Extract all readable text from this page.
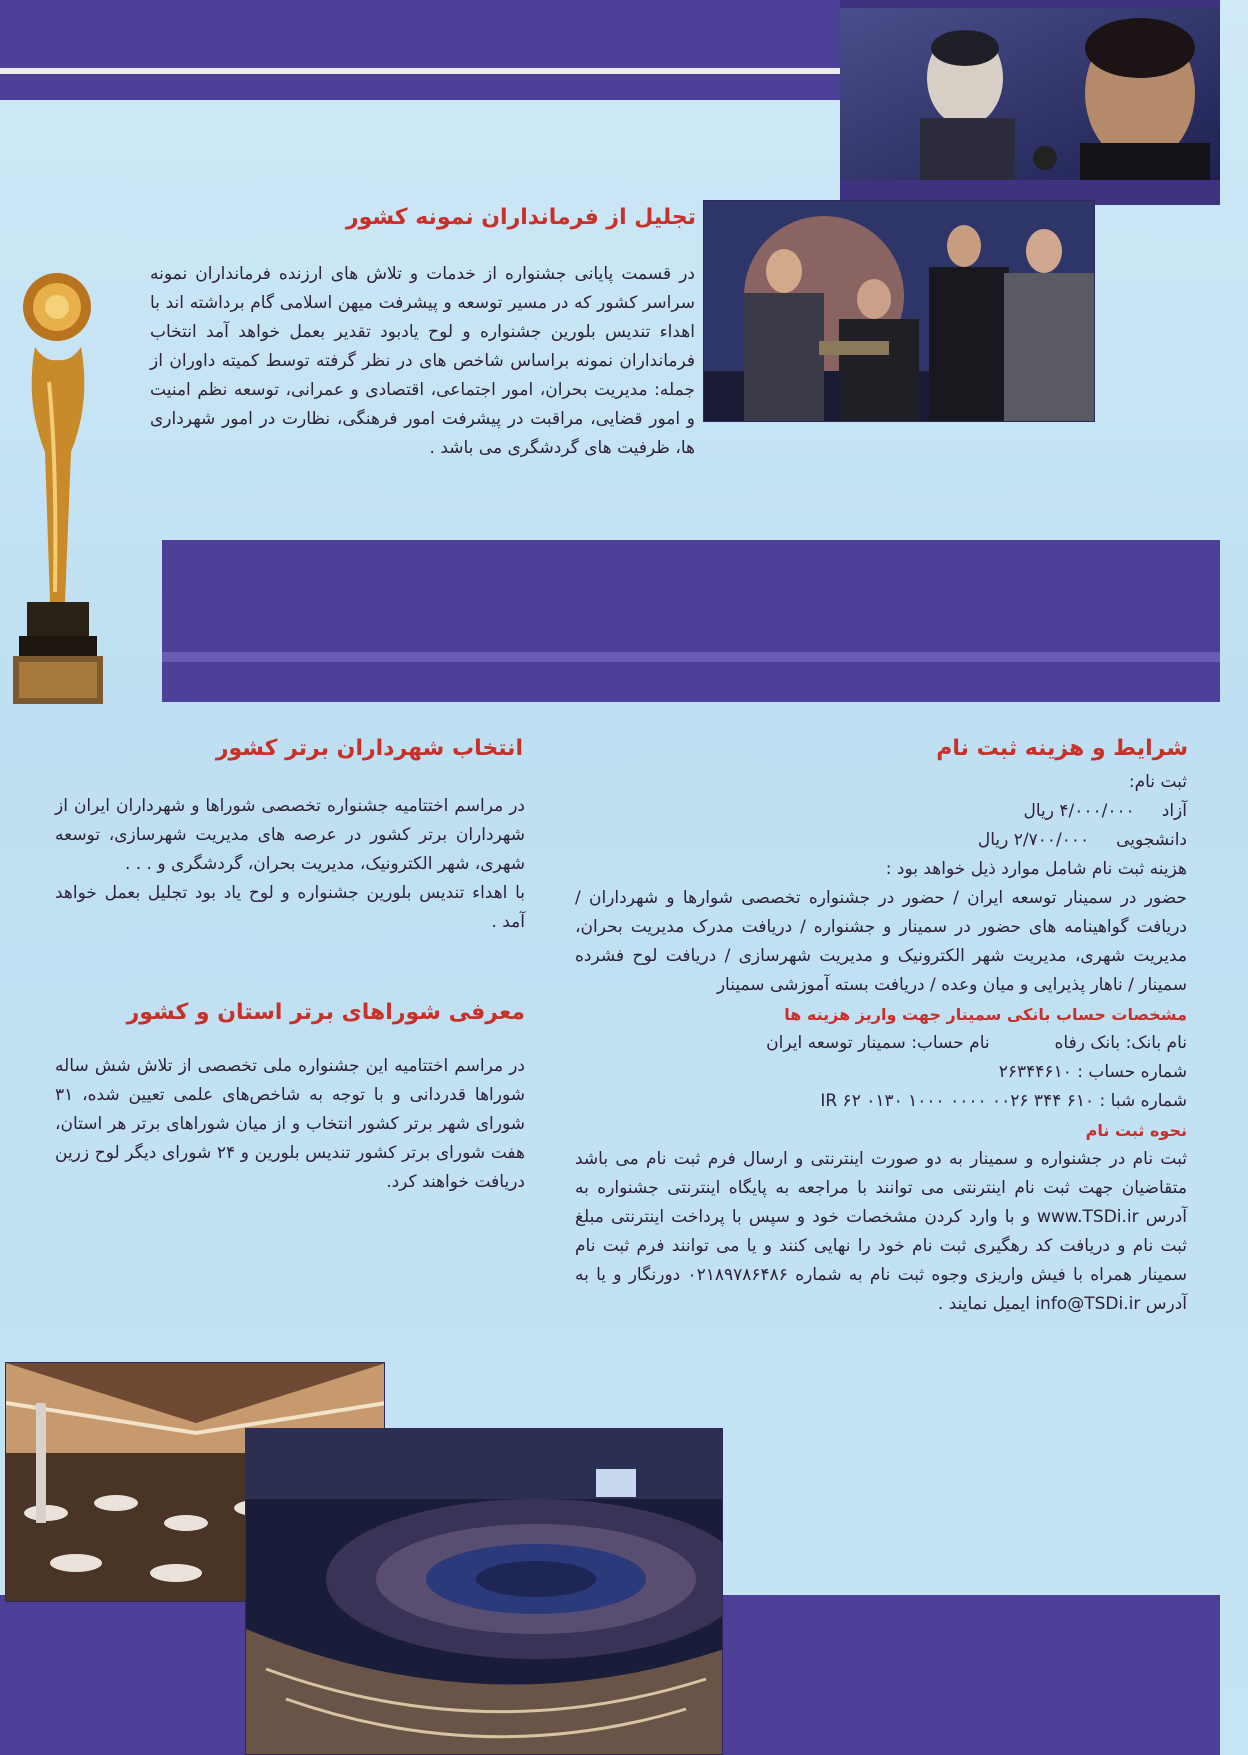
تجلیل از فرمانداران نمونه کشور
در قسمت پایانی جشنواره از خدمات و تلاش های ارزنده فرمانداران نمونه سراسر کشور که در مسیر توسعه و پیشرفت میهن اسلامی گام برداشته اند با اهداء تندیس بلورین جشنواره و لوح یادبود تقدیر بعمل خواهد آمد انتخاب فرمانداران نمونه براساس شاخص های در نظر گرفته توسط کمیته داوران از جمله: مدیریت بحران، امور اجتماعی، اقتصادی و عمرانی، توسعه نظم امنیت و امور قضایی، مراقبت در پیشرفت امور فرهنگی، نظارت در امور شهرداری ها، ظرفیت های گردشگری می باشد .
شرایط و هزینه ثبت نام

ثبت نام:

آزاد     ۴/۰۰۰/۰۰۰ ریال

دانشجویی     ۲/۷۰۰/۰۰۰ ریال

هزینه ثبت نام شامل موارد ذیل خواهد بود :

حضور در سمینار توسعه ایران / حضور در جشنواره تخصصی شوارها و شهرداران / دریافت گواهینامه های حضور در سمینار و جشنواره / دریافت مدرک مدیریت بحران، مدیریت شهری، مدیریت شهر الکترونیک و مدیریت شهرسازی / دریافت لوح فشرده سمینار / ناهار پذیرایی و میان وعده / دریافت بسته آموزشی سمینار

مشخصات حساب بانکی سمینار جهت واریز هزینه ها

نام بانک: بانک رفاه            نام حساب: سمینار توسعه ایران

شماره حساب : ۲۶۳۴۴۶۱۰

شماره شبا : IR ۶۲ ۰۱۳۰ ۱۰۰۰ ۰۰۰۰ ۰۰۲۶ ۳۴۴ ۶۱۰

نحوه ثبت نام

ثبت نام در جشنواره و سمینار به دو صورت اینترنتی و ارسال فرم ثبت نام می باشد متقاضیان جهت ثبت نام اینترنتی می توانند با مراجعه به پایگاه اینترنتی جشنواره به آدرس www.TSDi.ir و با وارد کردن مشخصات خود و سپس با پرداخت اینترنتی مبلغ ثبت نام و دریافت کد رهگیری ثبت نام خود را نهایی کنند و یا می توانند فرم ثبت نام سمینار همراه با فیش واریزی وجوه ثبت نام به شماره ۰۲۱۸۹۷۸۶۴۸۶ دورنگار و یا به آدرس info@TSDi.ir ایمیل نمایند .

انتخاب شهرداران برتر کشور

در مراسم اختتامیه جشنواره تخصصی شوراها و شهرداران ایران از شهرداران برتر کشور در عرصه های مدیریت شهرسازی، توسعه شهری، شهر الکترونیک، مدیریت بحران، گردشگری و . . .

با اهداء تندیس بلورین جشنواره و لوح یاد بود تجلیل بعمل خواهد آمد .

معرفی شوراهای برتر استان و کشور
در مراسم اختتامیه این جشنواره ملی تخصصی از تلاش شش ساله شوراها قدردانی و با توجه به شاخص‌های علمی تعیین شده، ۳۱ شورای شهر برتر کشور انتخاب و از میان شوراهای برتر هر استان، هفت شورای برتر کشور تندیس بلورین و ۲۴ شورای دیگر لوح زرین دریافت خواهند کرد.
